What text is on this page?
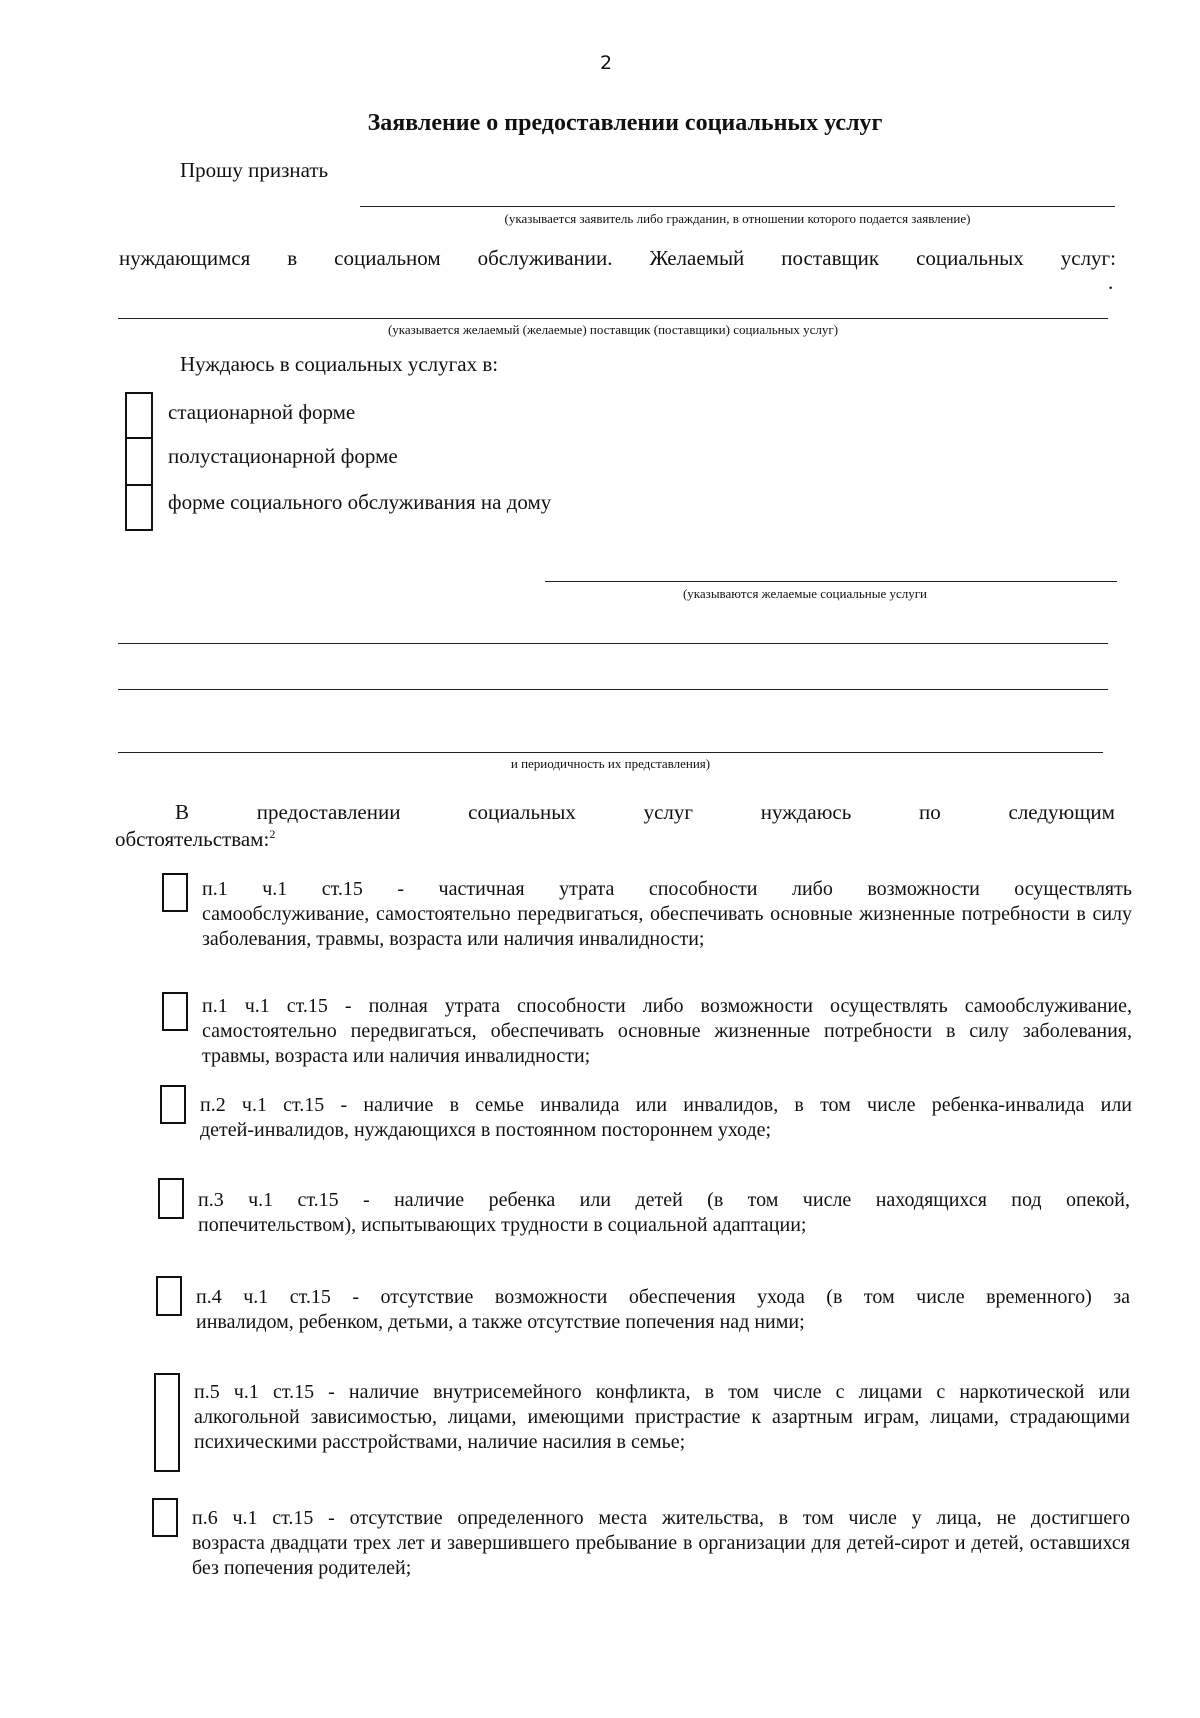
2
Заявление о предоставлении социальных услуг
Прошу признать
(указывается заявитель либо гражданин, в отношении которого подается заявление)
нуждающимся в социальном обслуживании. Желаемый поставщик социальных услуг:
.
(указывается желаемый (желаемые) поставщик (поставщики) социальных услуг)
Нуждаюсь в социальных услугах в:
стационарной форме
полустационарной форме
форме социального обслуживания на дому
(указываются желаемые социальные услуги
и периодичность их представления)
В	предоставлении	социальных	услуг	нуждаюсь	по	следующим
обстоятельствам:$^2$
п.1 ч.1 ст.15 - частичная утрата способности либо возможности осуществлять
самообслуживание, самостоятельно передвигаться, обеспечивать основные жизненные потребности в силу заболевания, травмы, возраста или наличия инвалидности;
п.1 ч.1 ст.15 - полная утрата способности либо возможности осуществлять самообслуживание,
самостоятельно передвигаться, обеспечивать основные жизненные потребности в силу заболевания, травмы, возраста или наличия инвалидности;
п.2 ч.1 ст.15 - наличие в семье инвалида или инвалидов, в том числе ребенка-инвалида или
детей-инвалидов, нуждающихся в постоянном постороннем уходе;
п.3 ч.1 ст.15 - наличие ребенка или детей (в том числе находящихся под опекой,
попечительством), испытывающих трудности в социальной адаптации;
п.4 ч.1 ст.15 - отсутствие возможности обеспечения ухода (в том числе временного) за
инвалидом, ребенком, детьми, а также отсутствие попечения над ними;
п.5 ч.1 ст.15 - наличие внутрисемейного конфликта, в том числе с лицами с наркотической или
алкогольной зависимостью, лицами, имеющими пристрастие к азартным играм, лицами, страдающими психическими расстройствами, наличие насилия в семье;
п.6 ч.1 ст.15 - отсутствие определенного места жительства, в том числе у лица, не достигшего
возраста двадцати трех лет и завершившего пребывание в организации для детей-сирот и детей, оставшихся без попечения родителей;
